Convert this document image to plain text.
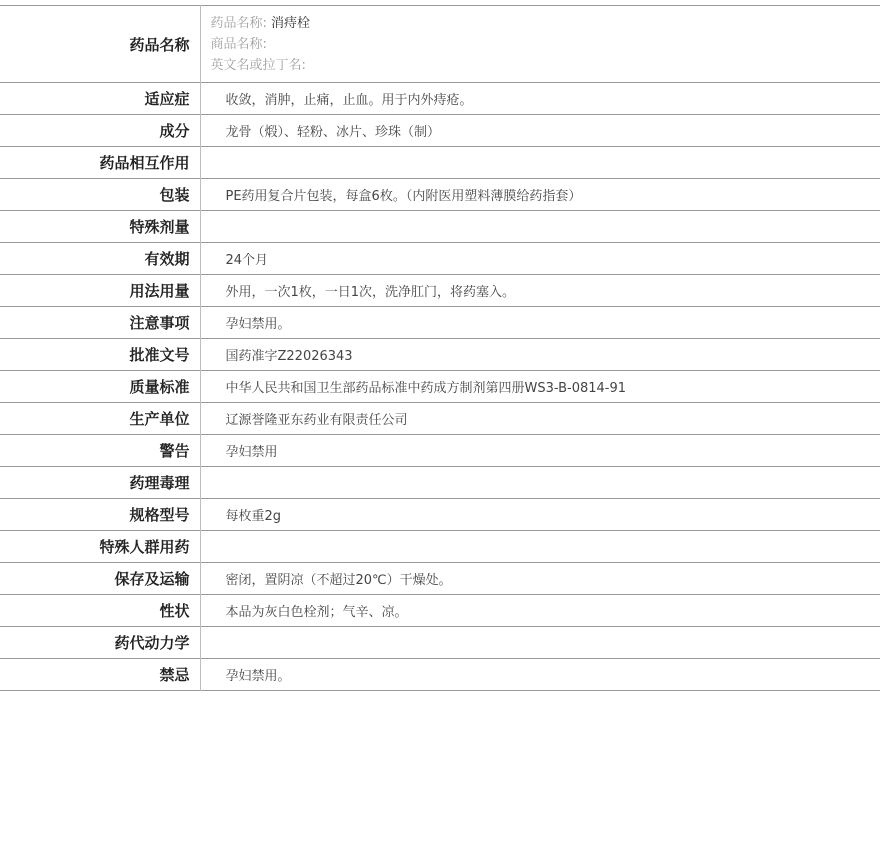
药品名称	药品名称: 消痔栓
商品名称:
英文名或拉丁名:

适应症	收敛，消肿，止痛，止血。用于内外痔疮。
成分	龙骨（煅）、轻粉、冰片、珍珠（制）
药品相互作用	
包装	PE药用复合片包装，每盒6枚。（内附医用塑料薄膜给药指套）
特殊剂量	
有效期	24个月
用法用量	外用，一次1枚，一日1次，洗净肛门，将药塞入。
注意事项	孕妇禁用。
批准文号	国药准字Z22026343
质量标准	中华人民共和国卫生部药品标准中药成方制剂第四册WS3-B-0814-91
生产单位	辽源誉隆亚东药业有限责任公司
警告	孕妇禁用
药理毒理	
规格型号	每枚重2g
特殊人群用药	
保存及运输	密闭，置阴凉（不超过20℃）干燥处。
性状	本品为灰白色栓剂；气辛、凉。
药代动力学	
禁忌	孕妇禁用。
